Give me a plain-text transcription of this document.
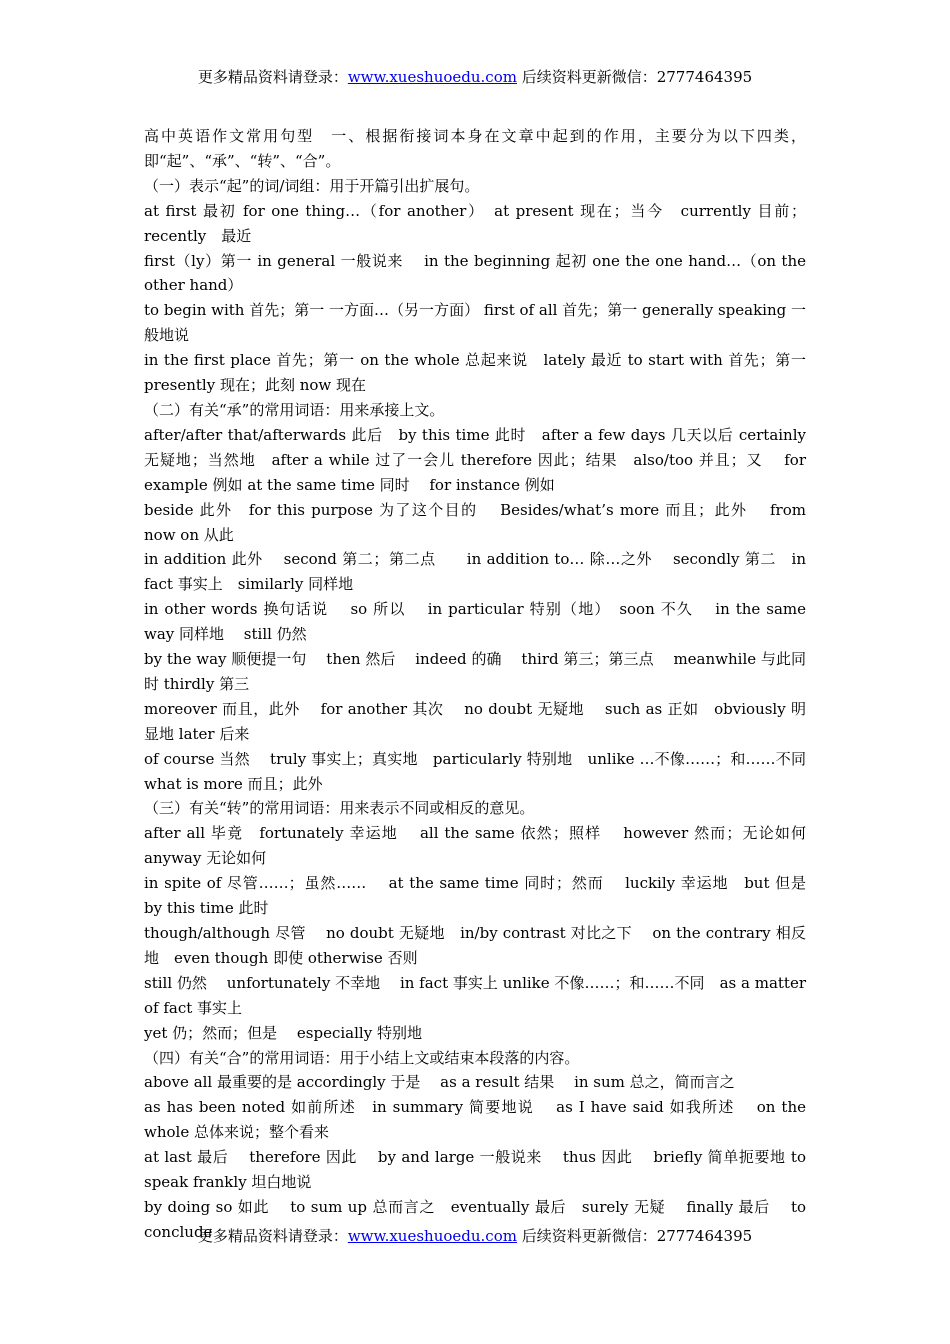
更多精品资料请登录：www.xueshuoedu.com 后续资料更新微信：2777464395

高中英语作文常用句型　一、根据衔接词本身在文章中起到的作用，主要分为以下四类，即“起”、“承”、“转”、“合”。

（一）表示“起”的词/词组：用于开篇引出扩展句。

at first 最初 for one thing…（for another）　at present 现在；当今　currently 目前；recently　最近

first（ly）第一 in general 一般说来　 in the beginning 起初 one the one hand…（on the other hand）

to begin with 首先；第一 一方面…（另一方面） first of all 首先；第一 generally speaking 一般地说

in the first place 首先；第一 on the whole 总起来说　lately 最近 to start with 首先；第一 presently 现在；此刻 now 现在

（二）有关“承”的常用词语：用来承接上文。

after/after that/afterwards 此后　by this time 此时　after a few days 几天以后 certainly 无疑地；当然地　after a while 过了一会儿 therefore 因此；结果　also/too 并且；又　 for example 例如 at the same time 同时　 for instance 例如

beside 此外　for this purpose 为了这个目的　 Besides/what’s more 而且；此外　 from now on 从此

in addition 此外　 second 第二；第二点　　in addition to… 除…之外　 secondly 第二　in fact 事实上　similarly 同样地

in other words 换句话说　 so 所以　 in particular 特别（地）　soon 不久　 in the same way 同样地　 still 仍然

by the way 顺便提一句　 then 然后　 indeed 的确　 third 第三；第三点　 meanwhile 与此同时 thirdly 第三

moreover 而且，此外　 for another 其次　 no doubt 无疑地　 such as 正如　obviously 明显地 later 后来

of course 当然　 truly 事实上；真实地　particularly 特别地　unlike …不像……；和……不同 what is more 而且；此外

（三）有关“转”的常用词语：用来表示不同或相反的意见。

after all 毕竟　fortunately 幸运地　 all the same 依然；照样　 however 然而；无论如何　anyway 无论如何

in spite of 尽管……；虽然……　 at the same time 同时；然而　 luckily 幸运地　but 但是　 by this time 此时

though/although 尽管　 no doubt 无疑地　in/by contrast 对比之下　 on the contrary 相反地　even though 即使 otherwise 否则

still 仍然　 unfortunately 不幸地　 in fact 事实上 unlike 不像……；和……不同　as a matter of fact 事实上

yet 仍；然而；但是　 especially 特别地

（四）有关“合”的常用词语：用于小结上文或结束本段落的内容。

above all 最重要的是 accordingly 于是　 as a result 结果　 in sum 总之，简而言之

as has been noted 如前所述　in summary 简要地说　 as I have said 如我所述　 on the whole 总体来说；整个看来

at last 最后　 therefore 因此　 by and large 一般说来　 thus 因此　 briefly 简单扼要地 to speak frankly 坦白地说

by doing so 如此　 to sum up 总而言之　eventually 最后　surely 无疑　 finally 最后　 to conclude

更多精品资料请登录：www.xueshuoedu.com 后续资料更新微信：2777464395
